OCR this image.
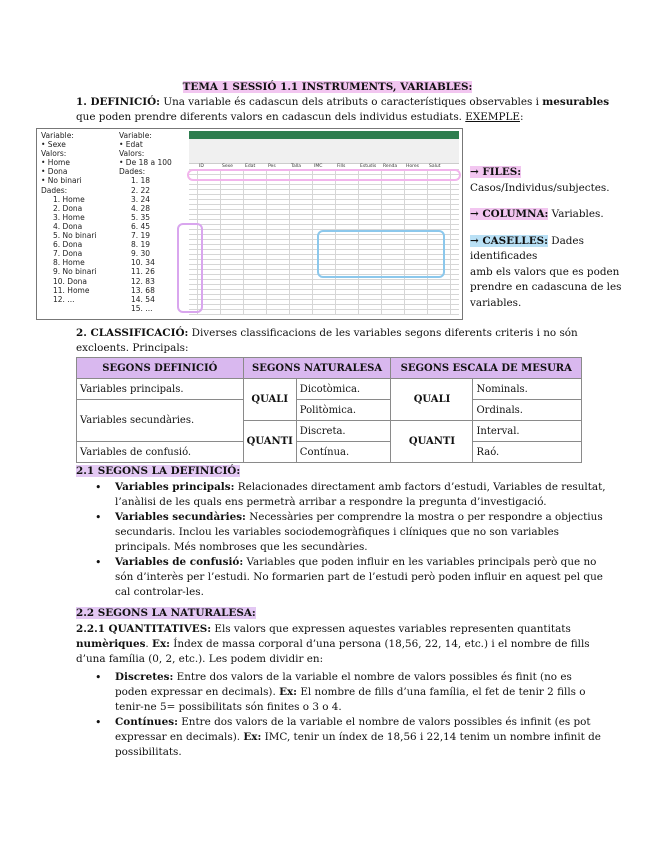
TEMA 1 SESSIÓ 1.1 INSTRUMENTS, VARIABLES:
1. DEFINICIÓ: Una variable és cadascun dels atributs o característiques observables i mesurables
que poden prendre diferents valors en cadascun dels individus estudiats. EXEMPLE:
Variable:
• Sexe
Valors:
• Home
• Dona
• No binari
Dades:
1. Home
2. Dona
3. Home
4. Dona
5. No binari
6. Dona
7. Dona
8. Home
9. No binari
10. Dona
11. Home
12. ...
Variable:
• Edat
Valors:
• De 18 a 100
Dades:
1. 18
2. 22
3. 24
4. 28
5. 35
6. 45
7. 19
8. 19
9. 30
10. 34
11. 26
12. 83
13. 68
14. 54
15. ...
ID	Sexe	Edat	Pes	Talla	IMC	Fills	Estudis Renda Hores Salut	→ FILES:
Casos/Individus/subjectes.
→ COLUMNA: Variables.
→ CASELLES: Dades identificades
amb els valors que es poden
prendre en cadascuna de les
variables.
2. CLASSIFICACIÓ: Diverses classificacions de les variables segons diferents criteris i no són
excloents. Principals:
SEGONS DEFINICIÓ	SEGONS NATURALESA		SEGONS ESCALA DE MESURA	
Variables principals.	QUALI	Dicotòmica.	QUALI	Nominals.
Variables secundàries.		Politòmica.		Ordinals.
	QUANTI	Discreta.	QUANTI	Interval.
Variables de confusió.		Contínua.		Raó.
2.1 SEGONS LA DEFINICIÓ:
• Variables principals: Relacionades directament amb factors d’estudi, Variables de resultat,
l’anàlisi de les quals ens permetrà arribar a respondre la pregunta d’investigació.
• Variables secundàries: Necessàries per comprendre la mostra o per respondre a objectius
secundaris. Inclou les variables sociodemogràfiques i clíniques que no son variables
principals. Més nombroses que les secundàries.
• Variables de confusió: Variables que poden influir en les variables principals però que no
són d’interès per l’estudi. No formarien part de l’estudi però poden influir en aquest pel que
cal controlar-les.
2.2 SEGONS LA NATURALESA:
2.2.1 QUANTITATIVES: Els valors que expressen aquestes variables representen quantitats
numèriques. Ex: Índex de massa corporal d’una persona (18,56, 22, 14, etc.) i el nombre de fills
d’una família (0, 2, etc.). Les podem dividir en:
• Discretes: Entre dos valors de la variable el nombre de valors possibles és finit (no es
poden expressar en decimals). Ex: El nombre de fills d’una família, el fet de tenir 2 fills o
tenir-ne 5= possibilitats són finites o 3 o 4.
• Contínues: Entre dos valors de la variable el nombre de valors possibles és infinit (es pot
expressar en decimals). Ex: IMC, tenir un índex de 18,56 i 22,14 tenim un nombre infinit de
possibilitats.
